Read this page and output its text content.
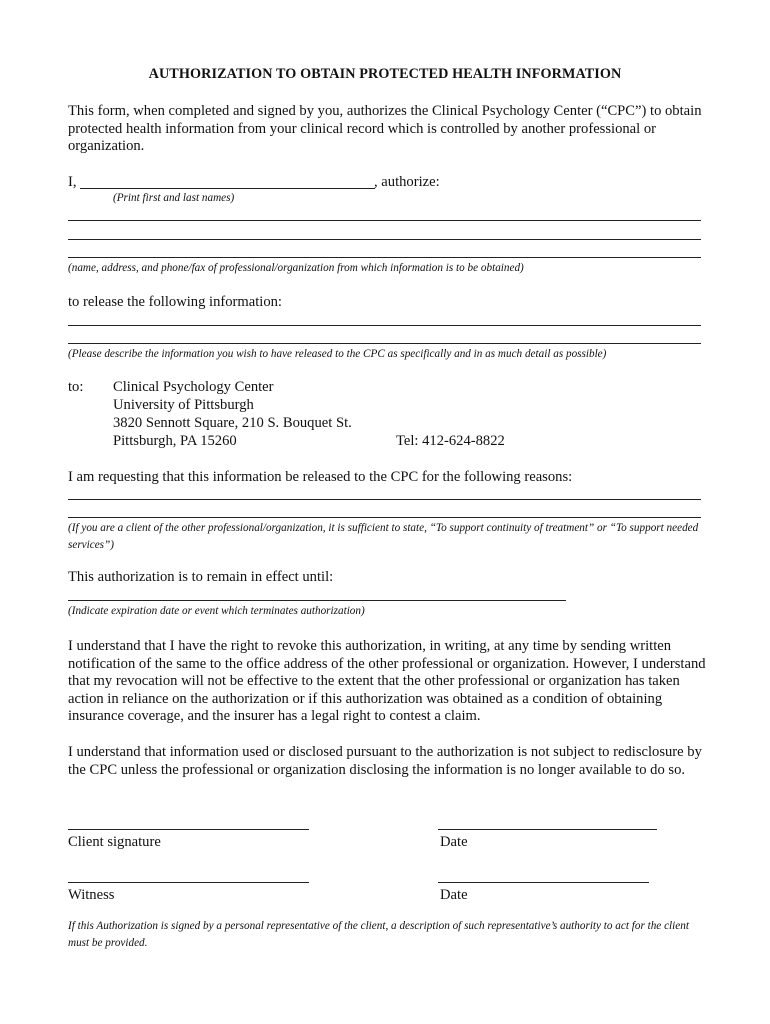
AUTHORIZATION TO OBTAIN PROTECTED HEALTH INFORMATION
This form, when completed and signed by you, authorizes the Clinical Psychology Center (“CPC”) to obtain protected health information from your clinical record which is controlled by another professional or organization.
I,	, authorize:
(Print first and last names)
(name, address, and phone/fax of professional/organization from which information is to be obtained)
to release the following information:
(Please describe the information you wish to have released to the CPC as specifically and in as much detail as possible)
to: Clinical Psychology Center
University of Pittsburgh
3820 Sennott Square, 210 S. Bouquet St.
Pittsburgh, PA 15260	Tel: 412-624-8822
I am requesting that this information be released to the CPC for the following reasons:
(If you are a client of the other professional/organization, it is sufficient to state, “To support continuity of treatment” or “To support needed services”)
This authorization is to remain in effect until:
(Indicate expiration date or event which terminates authorization)
I understand that I have the right to revoke this authorization, in writing, at any time by sending written notification of the same to the office address of the other professional or organization. However, I understand that my revocation will not be effective to the extent that the other professional or organization has taken action in reliance on the authorization or if this authorization was obtained as a condition of obtaining insurance coverage, and the insurer has a legal right to contest a claim.
I understand that information used or disclosed pursuant to the authorization is not subject to redisclosure by the CPC unless the professional or organization disclosing the information is no longer available to do so.
Client signature	Date
Witness	Date
If this Authorization is signed by a personal representative of the client, a description of such representative’s authority to act for the client must be provided.
